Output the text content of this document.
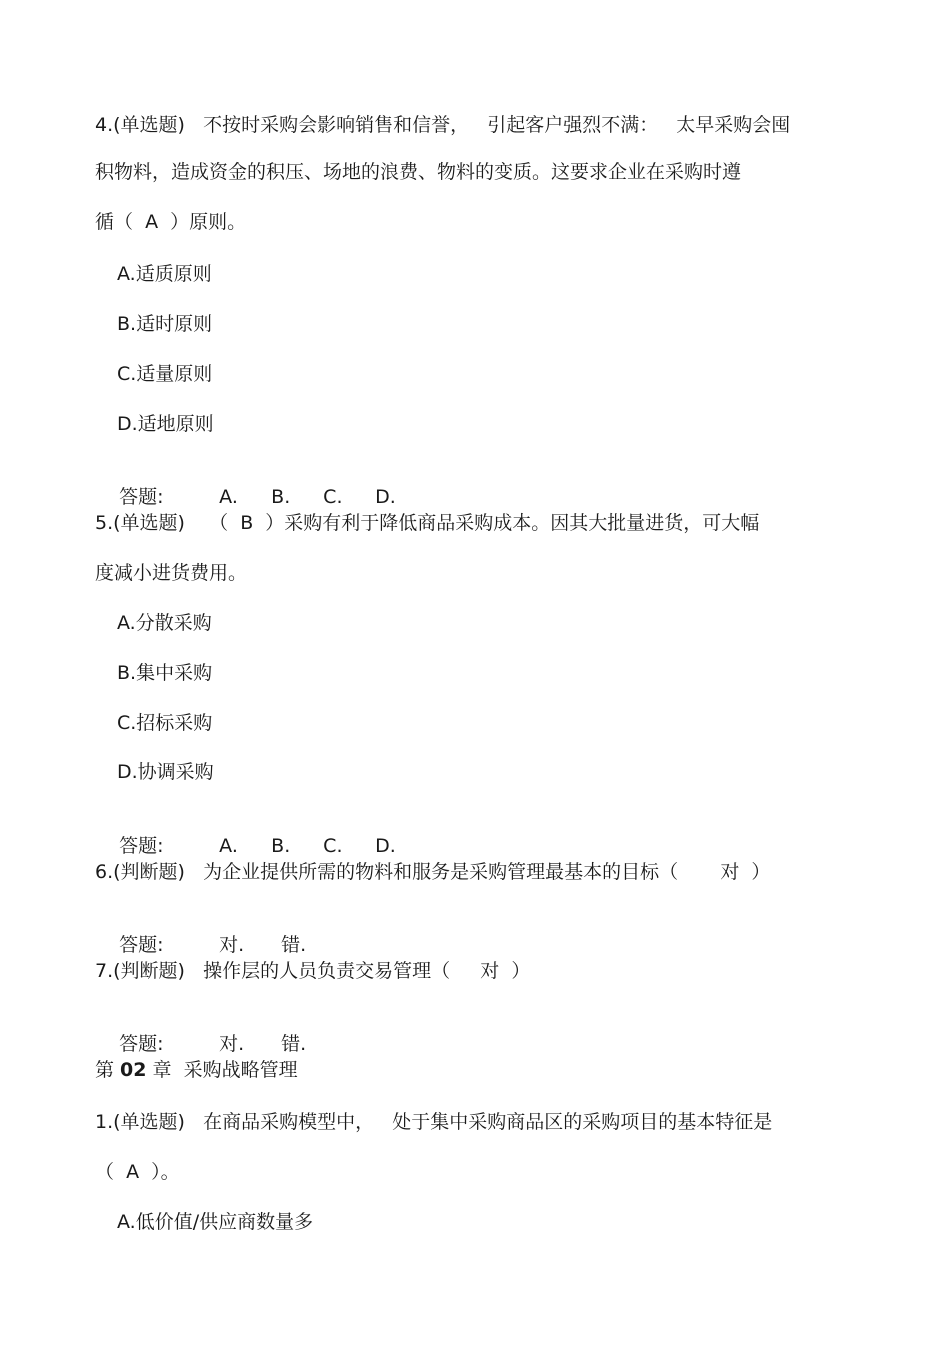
4.(单选题)   不按时采购会影响销售和信誉，   引起客户强烈不满：   太早采购会囤
积物料，造成资金的积压、场地的浪费、物料的变质。这要求企业在采购时遵
循（  A  ）原则。
A.适质原则
B.适时原则
C.适量原则
D.适地原则

答题:	A. B. C. D.

5.(单选题)    （  B  ）采购有利于降低商品采购成本。因其大批量进货，可大幅
度减小进货费用。
A.分散采购
B.集中采购
C.招标采购
D.协调采购

答题:	A. B. C. D.

6.(判断题)   为企业提供所需的物料和服务是采购管理最基本的目标（       对  ）

答题:	对. 错.

7.(判断题)   操作层的人员负责交易管理（     对  ）

答题:	对. 错.

第 02 章  采购战略管理
1.(单选题)   在商品采购模型中，   处于集中采购商品区的采购项目的基本特征是
（  A  ）。
A.低价值/供应商数量多
